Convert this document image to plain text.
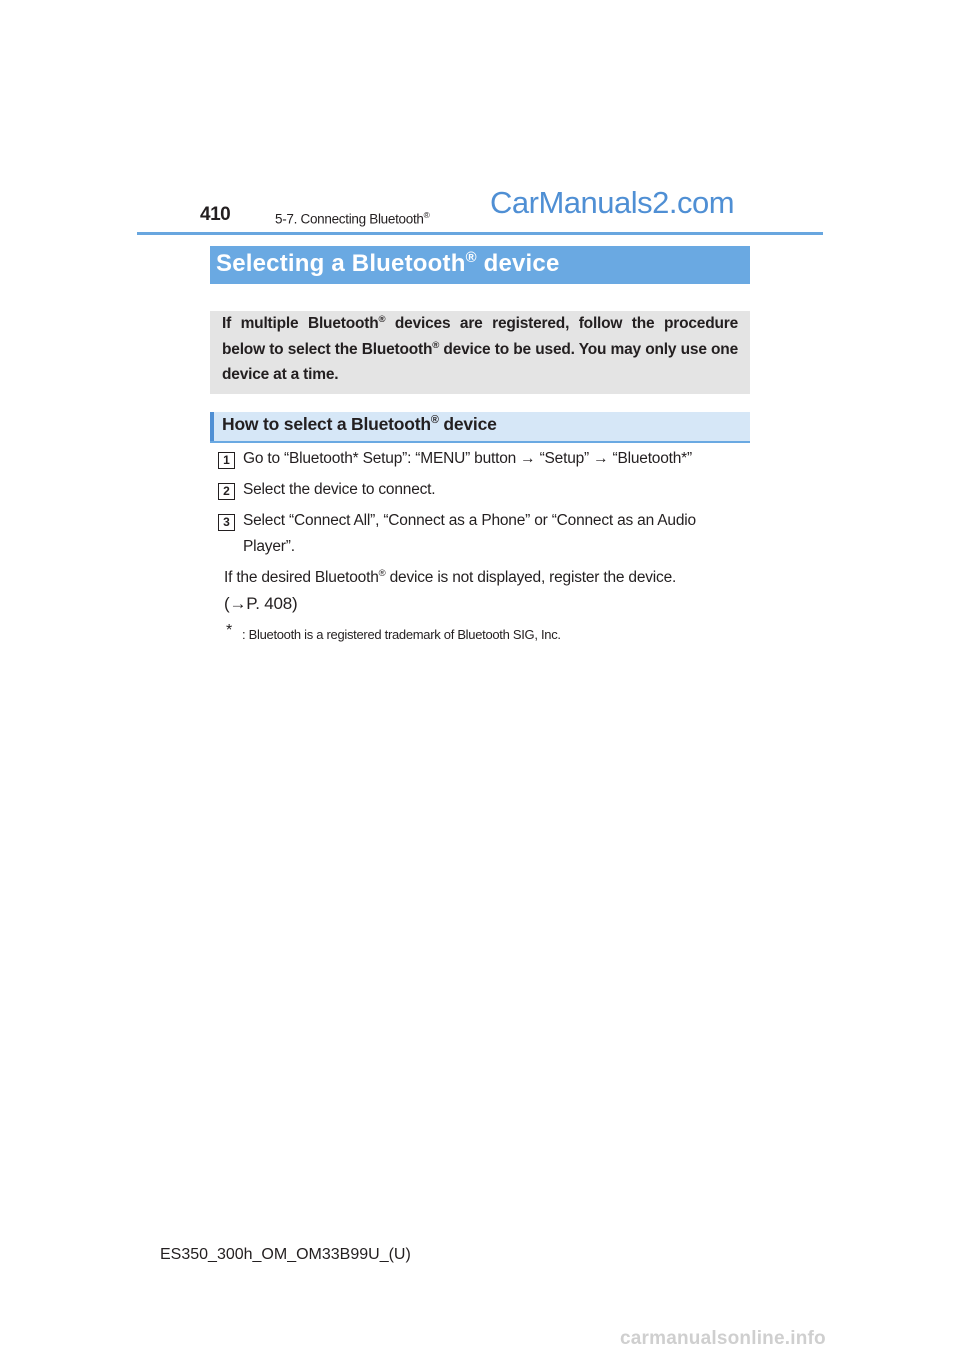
410	5-7. Connecting Bluetooth® CarManuals2.com
Selecting a Bluetooth® device
If multiple Bluetooth® devices are registered, follow the procedure
below to select the Bluetooth® device to be used. You may only use one
device at a time.
How to select a Bluetooth® device
1 Go to “Bluetooth* Setup”: “MENU” button → “Setup” → “Bluetooth*”
2 Select the device to connect.
3 Select “Connect All”, “Connect as a Phone” or “Connect as an Audio
Player”.
If the desired Bluetooth® device is not displayed, register the device.
(→P. 408)
* : Bluetooth is a registered trademark of Bluetooth SIG, Inc.
ES350_300h_OM_OM33B99U_(U)
carmanualsonline.info
